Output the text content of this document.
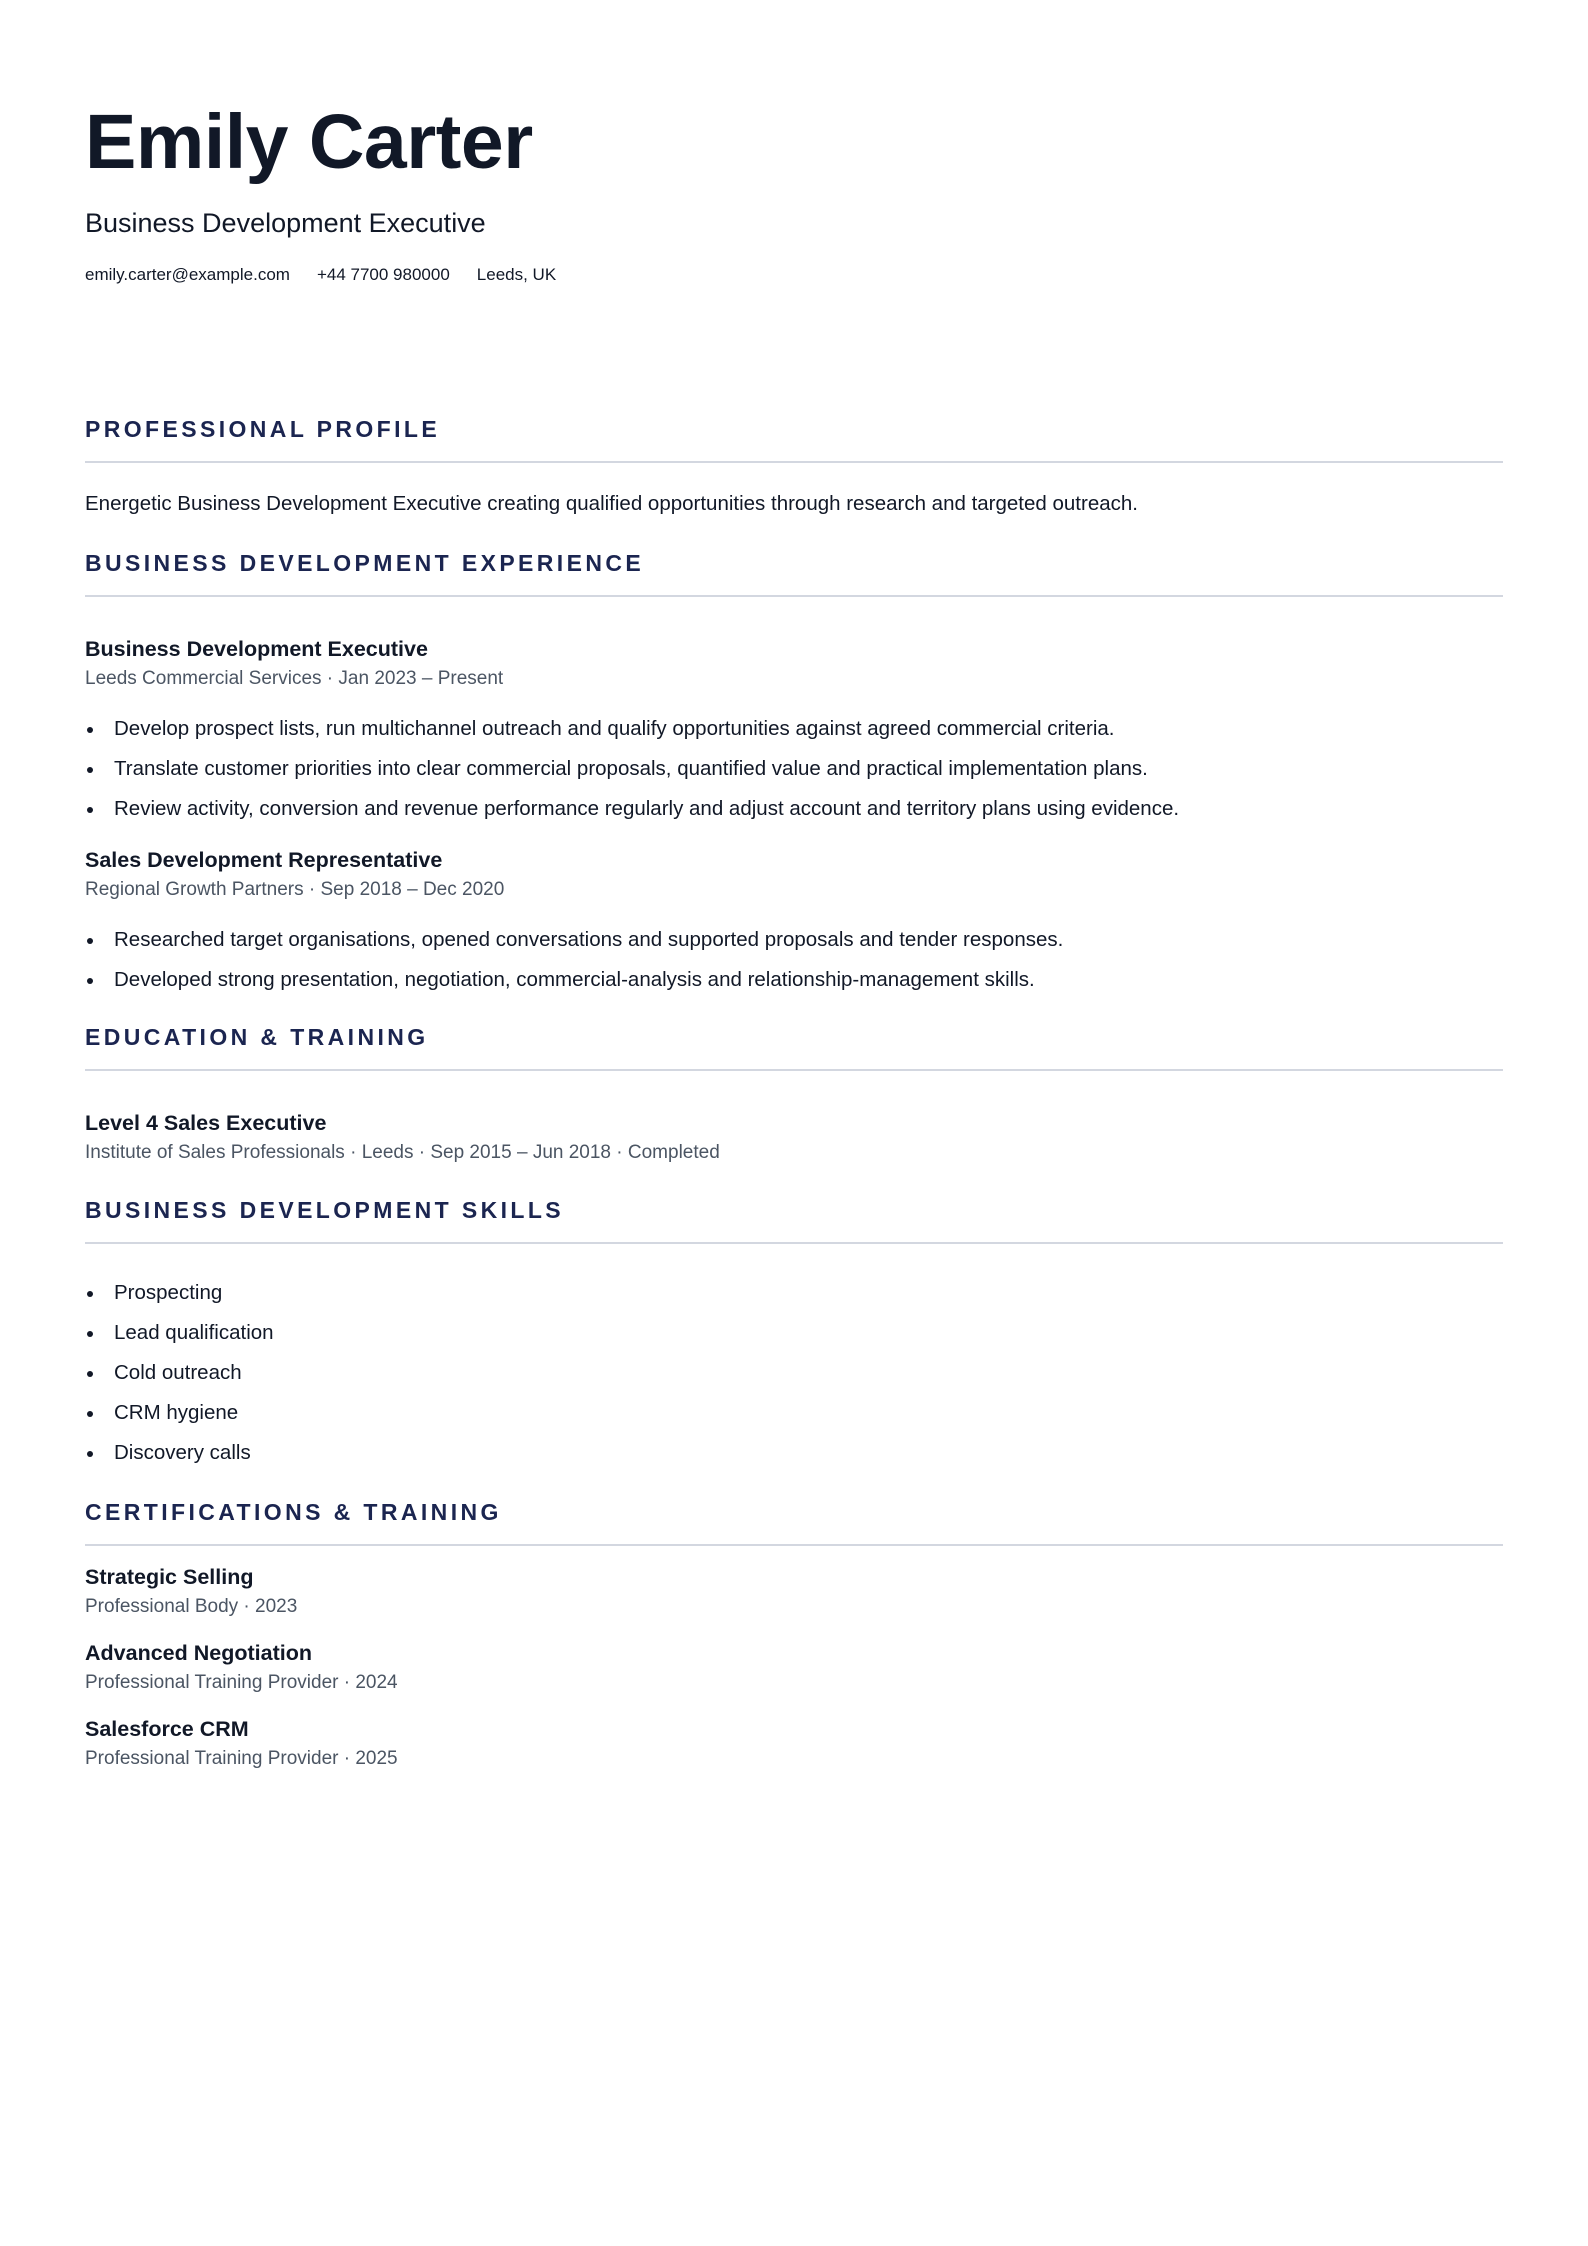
Emily Carter
Business Development Executive
emily.carter@example.com +44 7700 980000 Leeds, UK
PROFESSIONAL PROFILE

Energetic Business Development Executive creating qualified opportunities through research and targeted outreach.

BUSINESS DEVELOPMENT EXPERIENCE
Business Development Executive
Leeds Commercial Services · Jan 2023 – Present
Develop prospect lists, run multichannel outreach and qualify opportunities against agreed commercial criteria.
Translate customer priorities into clear commercial proposals, quantified value and practical implementation plans.
Review activity, conversion and revenue performance regularly and adjust account and territory plans using evidence.
Sales Development Representative
Regional Growth Partners · Sep 2018 – Dec 2020
Researched target organisations, opened conversations and supported proposals and tender responses.
Developed strong presentation, negotiation, commercial-analysis and relationship-management skills.
EDUCATION & TRAINING
Level 4 Sales Executive
Institute of Sales Professionals · Leeds · Sep 2015 – Jun 2018 · Completed
BUSINESS DEVELOPMENT SKILLS
Prospecting
Lead qualification
Cold outreach
CRM hygiene
Discovery calls
CERTIFICATIONS & TRAINING
Strategic Selling
Professional Body · 2023
Advanced Negotiation
Professional Training Provider · 2024
Salesforce CRM
Professional Training Provider · 2025
